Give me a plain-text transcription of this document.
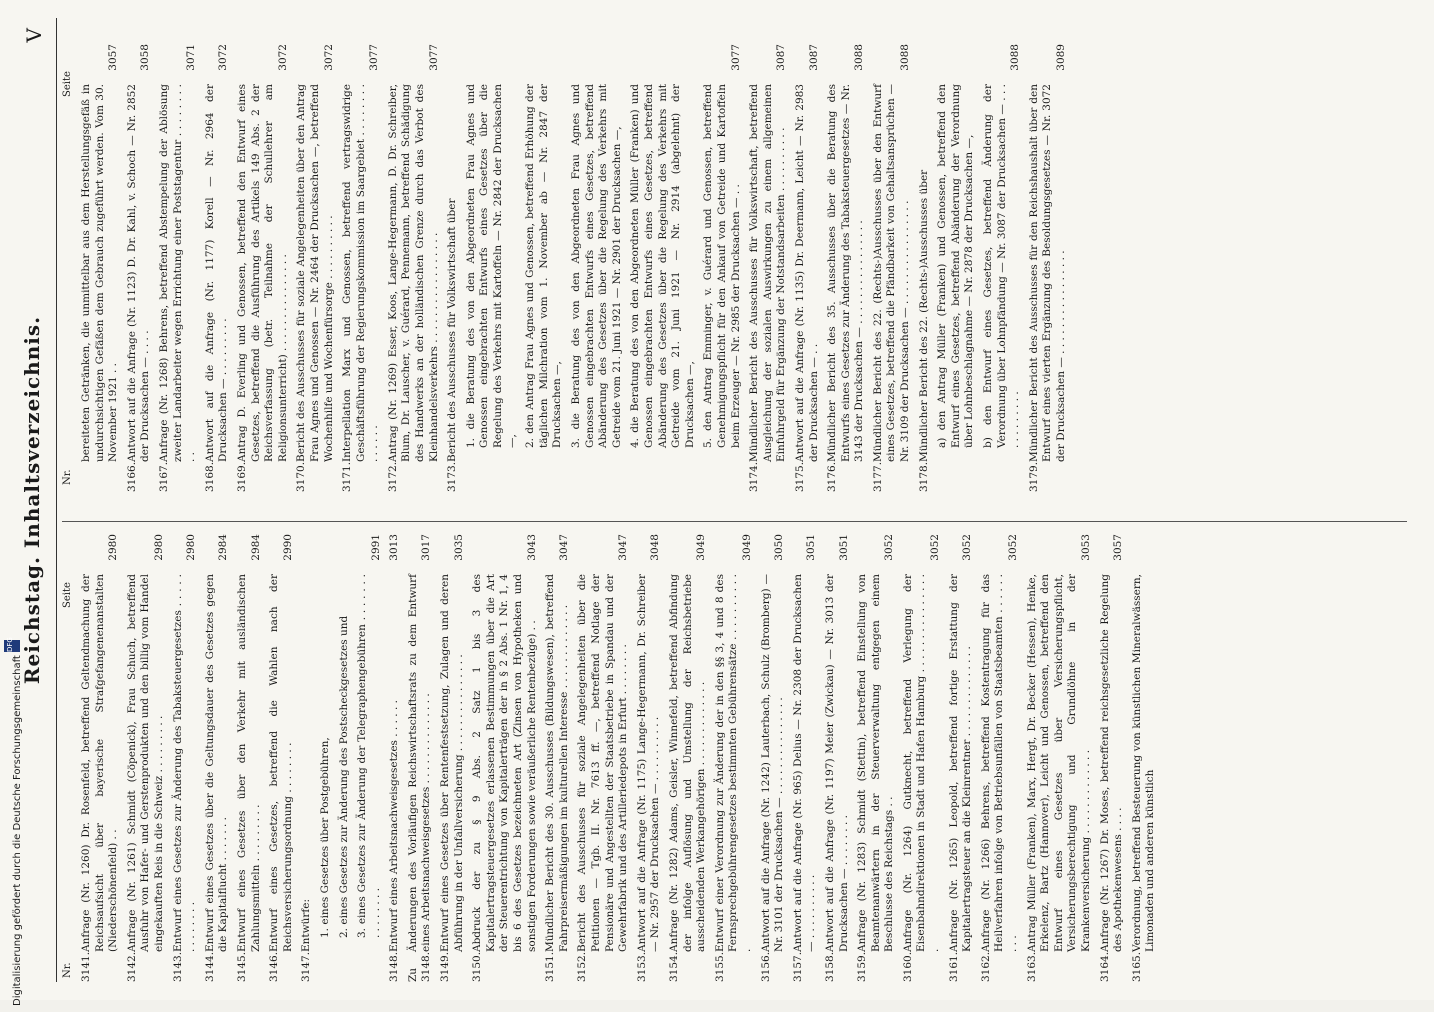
Reichstag. Inhaltsverzeichnis.
V
Nr.
Seite
Nr.
Seite
3141.
Anfrage (Nr. 1260) Dr. Rosenfeld, betreffend Geltendmachung der Reichsaufsicht über bayerische Strafgefangenenanstalten (Niederschönenfeld) . .
2980
3142.
Anfrage (Nr. 1261) Schmidt (Cöpenick), Frau Schuch, betreffend Ausfuhr von Hafer- und Gerstenprodukten und den billig vom Handel eingekauften Reis in die Schweiz . . . . . . . . .
2980
3143.
Entwurf eines Gesetzes zur Änderung des Tabaksteuergesetzes . . . . . . . . . . . . .
2980
3144.
Entwurf eines Gesetzes über die Geltungsdauer des Gesetzes gegen die Kapitalflucht . . . . . . .
2984
3145.
Entwurf eines Gesetzes über den Verkehr mit ausländischen Zahlungsmitteln . . . . . . . . .
2984
3146.
Entwurf eines Gesetzes, betreffend die Wahlen nach der Reichsversicherungsordnung . . . . . . . .
2990
3147.
Entwürfe: 1. eines Gesetzes über Postgebühren, 2. eines Gesetzes zur Änderung des Postscheckgesetzes und 3. eines Gesetzes zur Änderung der Telegraphengebühren . . . . . . . . . . . . . . .
2991
3148.
Entwurf eines Arbeitsnachweisgesetzes . . . . . .
3013
Zu 3148.
Änderungen des Vorläufigen Reichswirtschaftsrats zu dem Entwurf eines Arbeitsnachweisgesetzes . . . . . . . . . . . . . .
3017
3149.
Entwurf eines Gesetzes über Rentenfestsetzung, Zulagen und deren Abführung in der Unfallversicherung . . . . . . . . . . . . . . .
3035
3150.
Abdruck der zu § 9 Abs. 2 Satz 1 bis 3 des Kapitalertragsteuergesetzes erlassenen Bestimmungen über die Art der Steuerentrichtung von Kapitalerträgen der in § 2 Abs. 1 Nr. 1, 4 bis 6 des Gesetzes bezeichneten Art (Zinsen von Hypotheken und sonstigen Forderungen sowie veräußerliche Rentenbezüge) . .
3043
3151.
Mündlicher Bericht des 30. Ausschusses (Bildungswesen), betreffend Fahrpreisermäßigungen im kulturellen Interesse . . . . . . . . . . . . .
3047
3152.
Bericht des Ausschusses für soziale Angelegenheiten über die Petitionen — Tgb. II. Nr. 7613 ff. —, betreffend Notlage der Pensionäre und Angestellten der Staatsbetriebe in Spandau und der Gewehrfabrik und des Artilleriedepots in Erfurt . . . . . . . .
3047
3153.
Antwort auf die Anfrage (Nr. 1175) Lange-Hegermann, Dr. Schreiber — Nr. 2957 der Drucksachen — . . . . . . . . . .
3048
3154.
Anfrage (Nr. 1282) Adams, Geisler, Winnefeld, betreffend Abfindung der infolge Auflösung und Umstellung der Reichsbetriebe ausscheidenden Werkangehörigen . . . . . . . . . . . . .
3049
3155.
Entwurf einer Verordnung zur Änderung der in den §§ 3, 4 und 8 des Fernsprechgebührengesetzes bestimmten Gebührensätze . . . . . . . . . . .
3049
3156.
Antwort auf die Anfrage (Nr. 1242) Lauterbach, Schulz (Bromberg) — Nr. 3101 der Drucksachen — . . . . . . . . . . . . . . .
3050
3157.
Antwort auf die Anfrage (Nr. 965) Delius — Nr. 2308 der Drucksachen — . . . . . . . . . .
3051
3158.
Antwort auf die Anfrage (Nr. 1197) Meier (Zwickau) — Nr. 3013 der Drucksachen — . . . . . . . .
3051
3159.
Anfrage (Nr. 1283) Schmidt (Stettin), betreffend Einstellung von Beamtenanwärtern in der Steuerverwaltung entgegen einem Beschlusse des Reichstags . .
3052
3160.
Anfrage (Nr. 1264) Gutknecht, betreffend Verlegung der Eisenbahndirektionen in Stadt und Hafen Hamburg . . . . . . . . . . . . . . . .
3052
3161.
Anfrage (Nr. 1265) Leopold, betreffend fortige Erstattung der Kapitalertragsteuer an die Kleinrentner . . . . . . . . . . . . . .
3052
3162.
Anfrage (Nr. 1266) Behrens, betreffend Kostentragung für das Heilverfahren infolge von Betriebsunfällen von Staatsbeamten . . . . . . . . .
3052
3163.
Antrag Müller (Franken), Marx, Hergt, Dr. Becker (Hessen), Henke, Erkelenz, Bartz (Hannover), Leicht und Genossen, betreffend den Entwurf eines Gesetzes über Versicherungspflicht, Versicherungsberechtigung und Grundlöhne in der Krankenversicherung . . . . . . . . . . . . .
3053
3164.
Anfrage (Nr. 1267) Dr. Moses, betreffend reichsgesetzliche Regelung des Apothekenwesens . . . .
3057
3165.
Verordnung, betreffend Besteuerung von künstlichen Mineralwässern, Limonaden und anderen künstlich
bereiteten Getränken, die unmittelbar aus dem Herstellungsgefäß in undurchsichtigen Gefäßen dem Gebrauch zugeführt werden. Vom 30. November 1921 . .
3057
3166.
Antwort auf die Anfrage (Nr. 1123) D. Dr. Kahl, v. Schoch — Nr. 2852 der Drucksachen — . . . .
3058
3167.
Anfrage (Nr. 1268) Behrens, betreffend Abstempelung der Ablösung zweiter Landarbeiter wegen Errichtung einer Poststagentur . . . . . . . . . .
3071
3168.
Antwort auf die Anfrage (Nr. 1177) Korell — Nr. 2964 der Drucksachen — . . . . . . . . .
3072
3169.
Antrag D. Everling und Genossen, betreffend den Entwurf eines Gesetzes, betreffend die Ausführung des Artikels 149 Abs. 2 der Reichsverfassung (betr. Teilnahme der Schullehrer am Religionsunterricht) . . . . . . . . . . . . . . .
3072
3170.
Bericht des Ausschusses für soziale Angelegenheiten über den Antrag Frau Agnes und Genossen — Nr. 2464 der Drucksachen —, betreffend Wochenhilfe und Wochenfürsorge . . . . . . . . . .
3072
3171.
Interpellation Marx und Genossen, betreffend vertragswidrige Geschäftsführung der Regierungskommission im Saargebiet . . . . . . . . . . . . . .
3077
3172.
Antrag (Nr. 1269) Esser, Koos, Lange-Hegermann, D. Dr. Schreiber, Blum, Dr. Lauscher, v. Guérard, Pennemann, betreffend Schädigung des Handwerks an der holländischen Grenze durch das Verbot des Kleinhandelsverkehrs . . . . . . . . . . . . . . . . .
3077
3173.
Bericht des Ausschusses für Volkswirtschaft über 1. die Beratung des von den Abgeordneten Frau Agnes und Genossen eingebrachten Entwurfs eines Gesetzes über die Regelung des Verkehrs mit Kartoffeln — Nr. 2842 der Drucksachen —, 2. den Antrag Frau Agnes und Genossen, betreffend Erhöhung der täglichen Milchration vom 1. November ab — Nr. 2847 der Drucksachen —, 3. die Beratung des von den Abgeordneten Frau Agnes und Genossen eingebrachten Entwurfs eines Gesetzes, betreffend Abänderung des Gesetzes über die Regelung des Verkehrs mit Getreide vom 21. Juni 1921 — Nr. 2901 der Drucksachen —, 4. die Beratung des von den Abgeordneten Müller (Franken) und Genossen eingebrachten Entwurfs eines Gesetzes, betreffend Abänderung des Gesetzes über die Regelung des Verkehrs mit Getreide vom 21. Juni 1921 — Nr. 2914 (abgelehnt) der Drucksachen —, 5. den Antrag Emminger, v. Guérard und Genossen, betreffend Genehmigungspflicht für den Ankauf von Getreide und Kartoffeln beim Erzeuger — Nr. 2985 der Drucksachen — . .
3077
3174.
Mündlicher Bericht des Ausschusses für Volkswirtschaft, betreffend Ausgleichung der sozialen Auswirkungen zu einem allgemeinen Einfuhrgeld für Ergänzung der Notstandsarbeiten . . . . . . . . . .
3087
3175.
Antwort auf die Anfrage (Nr. 1135) Dr. Deermann, Leicht — Nr. 2983 der Drucksachen — . .
3087
3176.
Mündlicher Bericht des 35. Ausschusses über die Beratung des Entwurfs eines Gesetzes zur Änderung des Tabaksteuergesetzes — Nr. 3143 der Drucksachen — . . . . . . . . . . . . . . . .
3088
3177.
Mündlicher Bericht des 22. (Rechts-)Ausschusses über den Entwurf eines Gesetzes, betreffend die Pfändbarkeit von Gehaltsansprüchen — Nr. 3109 der Drucksachen — . . . . . . . . . . . . . . . .
3088
3178.
Mündlicher Bericht des 22. (Rechts-)Ausschusses über a) den Antrag Müller (Franken) und Genossen, betreffend den Entwurf eines Gesetzes, betreffend Abänderung der Verordnung über Lohnbeschlagnahme — Nr. 2878 der Drucksachen —, b) den Entwurf eines Gesetzes, betreffend Änderung der Verordnung über Lohnpfändung — Nr. 3087 der Drucksachen — . . . . . . . . . . . .
3088
3179.
Mündlicher Bericht des Ausschusses für den Reichshaushalt über den Entwurf eines vierten Ergänzung des Besoldungsgesetzes — Nr. 3072 der Drucksachen — . . . . . . . . . . . . . . . .
3089
Digitalisierung gefördert durch die Deutsche Forschungsgemeinschaft DFG
